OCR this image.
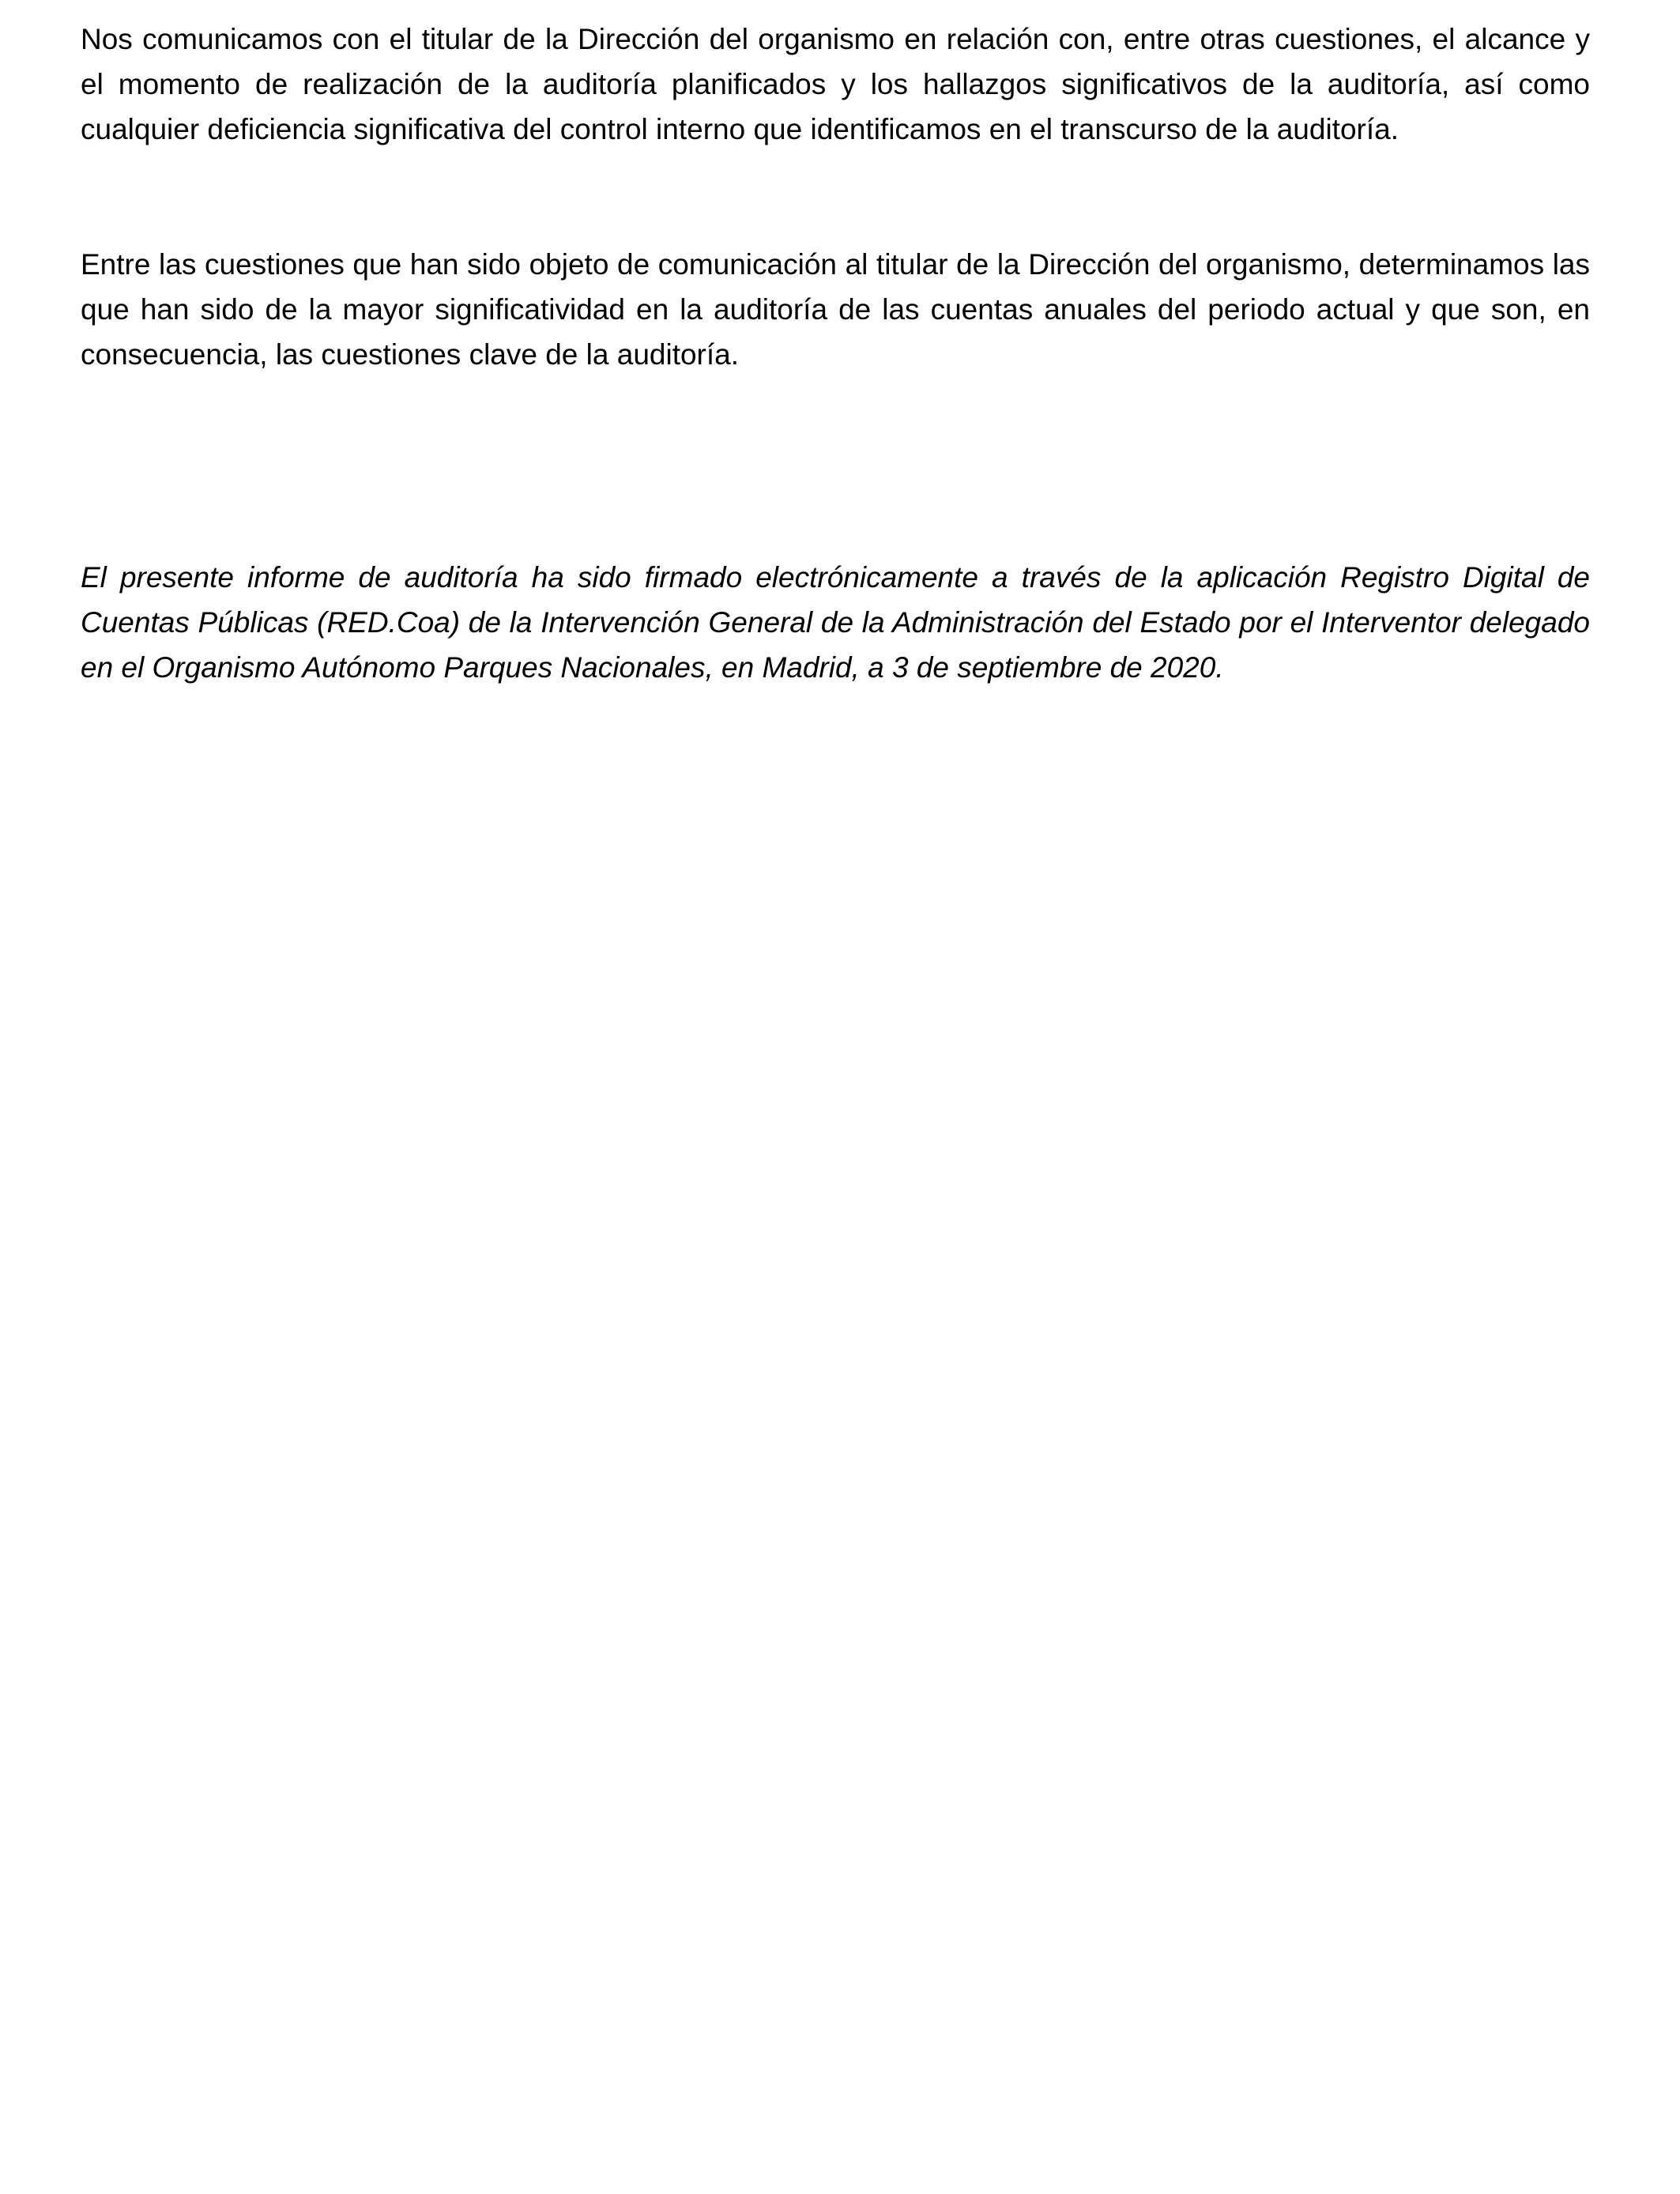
Nos comunicamos con el titular de la Dirección del organismo en relación con, entre otras cuestiones, el alcance y el momento de realización de la auditoría planificados y los hallazgos significativos de la auditoría, así como cualquier deficiencia significativa del control interno que identificamos en el transcurso de la auditoría.

Entre las cuestiones que han sido objeto de comunicación al titular de la Dirección del organismo, determinamos las que han sido de la mayor significatividad en la auditoría de las cuentas anuales del periodo actual y que son, en consecuencia, las cuestiones clave de la auditoría.

El presente informe de auditoría ha sido firmado electrónicamente a través de la aplicación Registro Digital de Cuentas Públicas (RED.Coa) de la Intervención General de la Administración del Estado por el Interventor delegado en el Organismo Autónomo Parques Nacionales, en Madrid, a 3 de septiembre de 2020.
